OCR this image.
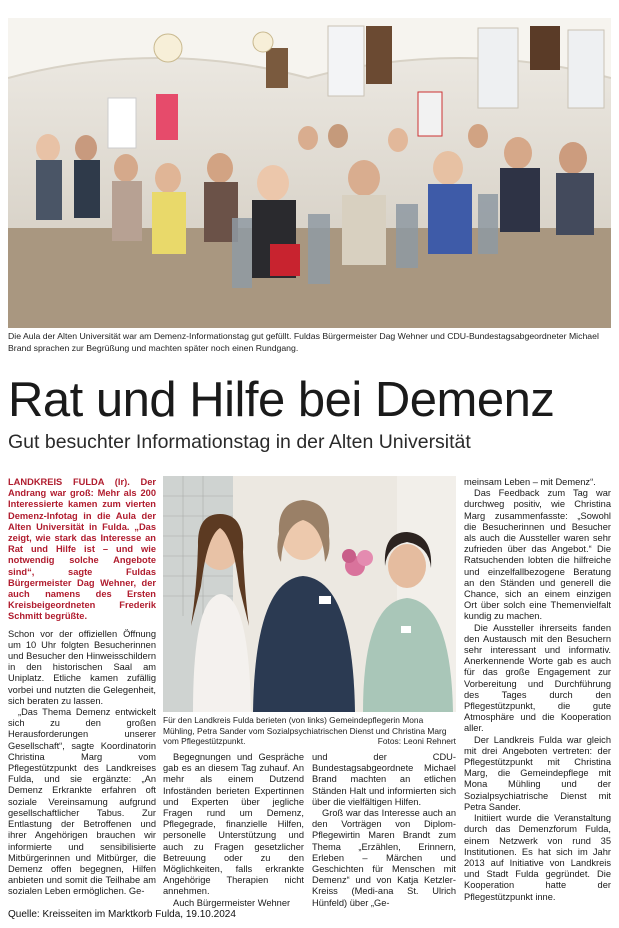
Die Aula der Alten Universität war am Demenz-Informationstag gut gefüllt. Fuldas Bürgermeister Dag Wehner und CDU-Bundestagsabgeordneter Michael Brand sprachen zur Begrüßung und machten später noch einen Rundgang.
Rat und Hilfe bei Demenz
Gut besuchter Informationstag in der Alten Universität

LANDKREIS FULDA (lr). Der Andrang war groß: Mehr als 200 Interessierte kamen zum vierten Demenz-Infotag in die Aula der Alten Universität in Fulda. „Das zeigt, wie stark das Interesse an Rat und Hilfe ist – und wie notwendig solche Angebote sind“, sagte Fuldas Bürgermeister Dag Wehner, der auch namens des Ersten Kreisbeigeordneten Frederik Schmitt begrüßte.

Schon vor der offiziellen Öffnung um 10 Uhr folgten Besucherinnen und Besucher den Hinweisschildern in den historischen Saal am Uniplatz. Etliche kamen zufällig vorbei und nutzten die Gelegenheit, sich beraten zu lassen.

„Das Thema Demenz entwickelt sich zu den großen Herausforderungen unserer Gesellschaft“, sagte Koordinatorin Christina Marg vom Pflegestützpunkt des Landkreises Fulda, und sie ergänzte: „An Demenz Erkrankte erfahren oft soziale Vereinsamung aufgrund gesellschaftlicher Tabus. Zur Entlastung der Betroffenen und ihrer Angehörigen brauchen wir informierte und sensibilisierte Mitbürgerinnen und Mitbürger, die Demenz offen begegnen, Hilfen anbieten und somit die Teilhabe am sozialen Leben ermöglichen. Ge-

Für den Landkreis Fulda berieten (von links) Gemeindepflegerin Mona Mühling, Petra Sander vom Sozialpsychiatrischen Dienst und Christina Marg vom Pflegestützpunkt.	Fotos: Leoni Rehnert

Begegnungen und Gespräche gab es an diesem Tag zuhauf. An mehr als einem Dutzend Infoständen berieten Expertinnen und Experten über jegliche Fragen rund um Demenz, Pflegegrade, finanzielle Hilfen, personelle Unterstützung und auch zu Fragen gesetzlicher Betreuung oder zu den Möglichkeiten, falls erkrankte Angehörige Therapien nicht annehmen.

Auch Bürgermeister Wehner

und der CDU-Bundestagsabgeordnete Michael Brand machten an etlichen Ständen Halt und informierten sich über die vielfältigen Hilfen.

Groß war das Interesse auch an den Vorträgen von Diplom-Pflegewirtin Maren Brandt zum Thema „Erzählen, Erinnern, Erleben – Märchen und Geschichten für Menschen mit Demenz“ und von Katja Ketzler-Kreiss (Medi-ana St. Ulrich Hünfeld) über „Ge-

meinsam Leben – mit Demenz“.

Das Feedback zum Tag war durchweg positiv, wie Christina Marg zusammenfasste: „Sowohl die Besucherinnen und Besucher als auch die Aussteller waren sehr zufrieden über das Angebot.“ Die Ratsuchenden lobten die hilfreiche und einzelfallbezogene Beratung an den Ständen und generell die Chance, sich an einem einzigen Ort über solch eine Themenvielfalt kundig zu machen.

Die Aussteller ihrerseits fanden den Austausch mit den Besuchern sehr interessant und informativ. Anerkennende Worte gab es auch für das große Engagement zur Vorbereitung und Durchführung des Tages durch den Pflegestützpunkt, die gute Atmosphäre und die Kooperation aller.

Der Landkreis Fulda war gleich mit drei Angeboten vertreten: der Pflegestützpunkt mit Christina Marg, die Gemeindepflege mit Mona Mühling und der Sozialpsychiatrische Dienst mit Petra Sander.

Initiiert wurde die Veranstaltung durch das Demenzforum Fulda, einem Netzwerk von rund 35 Institutionen. Es hat sich im Jahr 2013 auf Initiative von Landkreis und Stadt Fulda gegründet. Die Kooperation hatte der Pflegestützpunkt inne.

Quelle: Kreisseiten im Marktkorb Fulda, 19.10.2024
